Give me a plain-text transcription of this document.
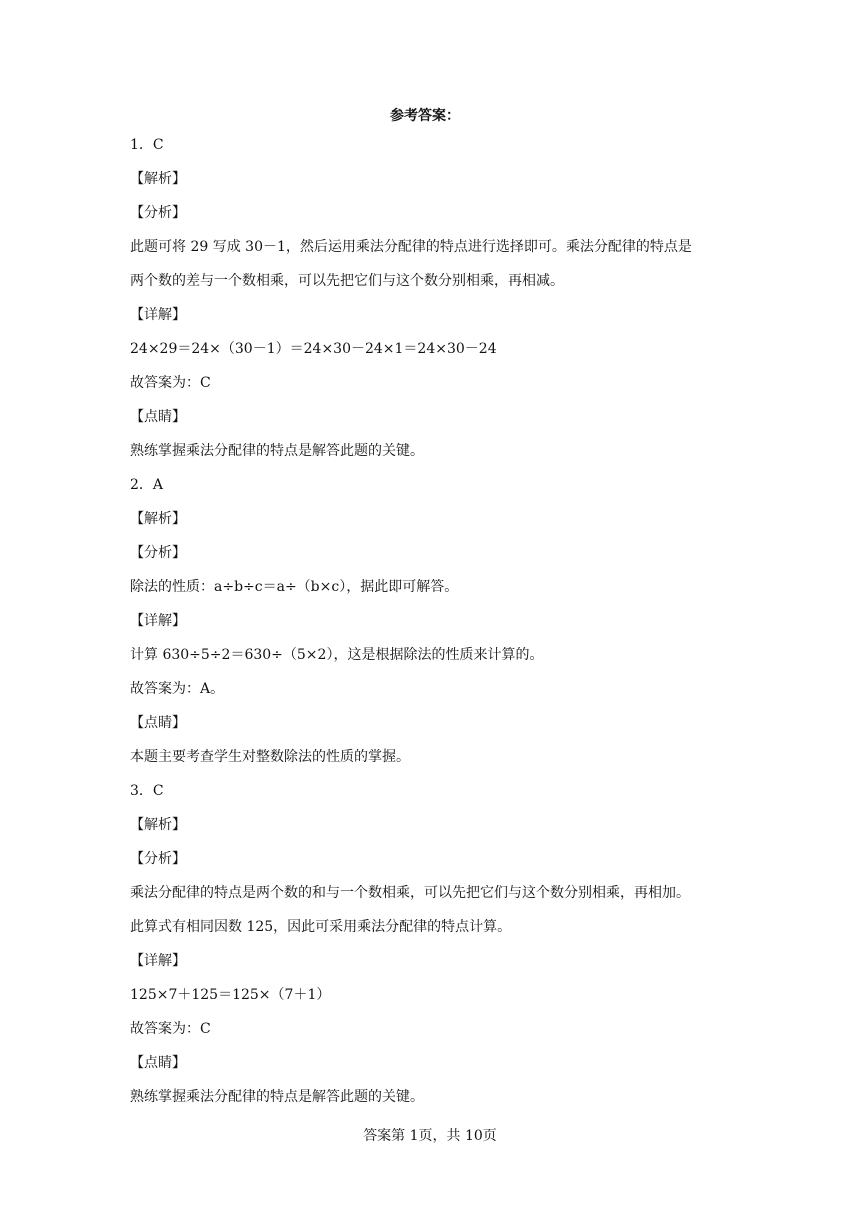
参考答案：
1．C
【解析】
【分析】
此题可将 29 写成 30－1，然后运用乘法分配律的特点进行选择即可。乘法分配律的特点是
两个数的差与一个数相乘，可以先把它们与这个数分别相乘，再相减。
【详解】
24×29＝24×（30－1）＝24×30－24×1＝24×30－24
故答案为：C
【点睛】
熟练掌握乘法分配律的特点是解答此题的关键。
2．A
【解析】
【分析】
除法的性质：a÷b÷c＝a÷（b×c），据此即可解答。
【详解】
计算 630÷5÷2＝630÷（5×2），这是根据除法的性质来计算的。
故答案为：A。
【点睛】
本题主要考查学生对整数除法的性质的掌握。
3．C
【解析】
【分析】
乘法分配律的特点是两个数的和与一个数相乘，可以先把它们与这个数分别相乘，再相加。
此算式有相同因数 125，因此可采用乘法分配律的特点计算。
【详解】
125×7＋125＝125×（7＋1）
故答案为：C
【点睛】
熟练掌握乘法分配律的特点是解答此题的关键。
答案第 1页，共 10页
